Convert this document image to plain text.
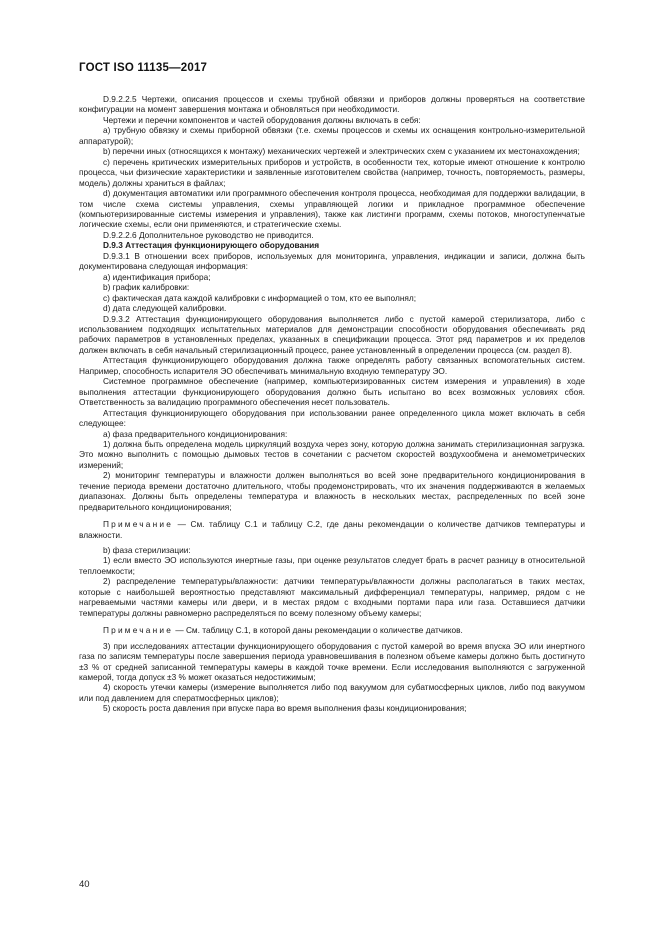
ГОСТ ISO 11135—2017

D.9.2.2.5 Чертежи, описания процессов и схемы трубной обвязки и приборов должны проверяться на соответствие конфигурации на момент завершения монтажа и обновляться при необходимости.

Чертежи и перечни компонентов и частей оборудования должны включать в себя:

a) трубную обвязку и схемы приборной обвязки (т.е. схемы процессов и схемы их оснащения контрольно-измерительной аппаратурой);

b) перечни иных (относящихся к монтажу) механических чертежей и электрических схем с указанием их местонахождения;

c) перечень критических измерительных приборов и устройств, в особенности тех, которые имеют отношение к контролю процесса, чьи физические характеристики и заявленные изготовителем свойства (например, точность, повторяемость, размеры, модель) должны храниться в файлах;

d) документация автоматики или программного обеспечения контроля процесса, необходимая для поддержки валидации, в том числе схема системы управления, схемы управляющей логики и прикладное программное обеспечение (компьютеризированные системы измерения и управления), также как листинги программ, схемы потоков, многоступенчатые логические схемы, если они применяются, и стратегические схемы.

D.9.2.2.6 Дополнительное руководство не приводится.

D.9.3 Аттестация функционирующего оборудования

D.9.3.1 В отношении всех приборов, используемых для мониторинга, управления, индикации и записи, должна быть документирована следующая информация:

a) идентификация прибора;

b) график калибровки:

c) фактическая дата каждой калибровки с информацией о том, кто ее выполнял;

d) дата следующей калибровки.

D.9.3.2 Аттестация функционирующего оборудования выполняется либо с пустой камерой стерилизатора, либо с использованием подходящих испытательных материалов для демонстрации способности оборудования обеспечивать ряд рабочих параметров в установленных пределах, указанных в спецификации процесса. Этот ряд параметров и их пределов должен включать в себя начальный стерилизационный процесс, ранее установленный в определении процесса (см. раздел 8).

Аттестация функционирующего оборудования должна также определять работу связанных вспомогательных систем. Например, способность испарителя ЭО обеспечивать минимальную входную температуру ЭО.

Системное программное обеспечение (например, компьютеризированных систем измерения и управления) в ходе выполнения аттестации функционирующего оборудования должно быть испытано во всех возможных условиях сбоя. Ответственность за валидацию программного обеспечения несет пользователь.

Аттестация функционирующего оборудования при использовании ранее определенного цикла может включать в себя следующее:

a) фаза предварительного кондиционирования:

1) должна быть определена модель циркуляций воздуха через зону, которую должна занимать стерилизационная загрузка. Это можно выполнить с помощью дымовых тестов в сочетании с расчетом скоростей воздухообмена и анемометрических измерений;

2) мониторинг температуры и влажности должен выполняться во всей зоне предварительного кондиционирования в течение периода времени достаточно длительного, чтобы продемонстрировать, что их значения поддерживаются в желаемых диапазонах. Должны быть определены температура и влажность в нескольких местах, распределенных по всей зоне предварительного кондиционирования;

Примечание — См. таблицу С.1 и таблицу С.2, где даны рекомендации о количестве датчиков температуры и влажности.

b) фаза стерилизации:

1) если вместо ЭО используются инертные газы, при оценке результатов следует брать в расчет разницу в относительной теплоемкости;

2) распределение температуры/влажности: датчики температуры/влажности должны располагаться в таких местах, которые с наибольшей вероятностью представляют максимальный дифференциал температуры, например, рядом с не нагреваемыми частями камеры или двери, и в местах рядом с входными портами пара или газа. Оставшиеся датчики температуры должны равномерно распределяться по всему полезному объему камеры;

Примечание — См. таблицу С.1, в которой даны рекомендации о количестве датчиков.

3) при исследованиях аттестации функционирующего оборудования с пустой камерой во время впуска ЭО или инертного газа по записям температуры после завершения периода уравновешивания в полезном объеме камеры должно быть достигнуто ±3 % от средней записанной температуры камеры в каждой точке времени. Если исследования выполняются с загруженной камерой, тогда допуск ±3 % может оказаться недостижимым;

4) скорость утечки камеры (измерение выполняется либо под вакуумом для субатмосферных циклов, либо под вакуумом или под давлением для сператмосферных циклов);

5) скорость роста давления при впуске пара во время выполнения фазы кондиционирования;

40
